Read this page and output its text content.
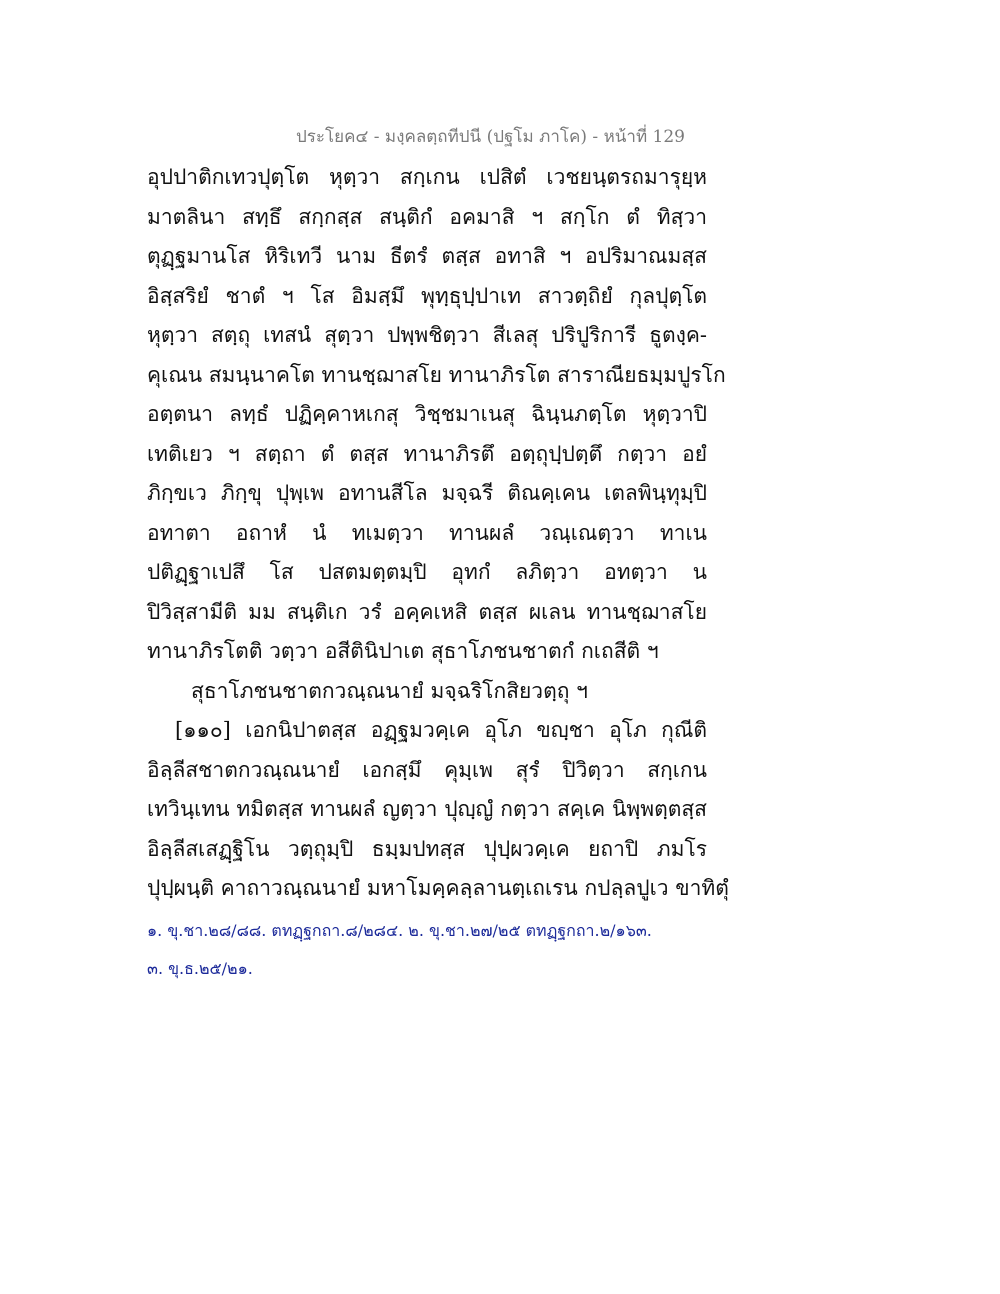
ประโยค๔ - มงฺคลตฺถทีปนี (ปฐโม ภาโค) - หน้าที่ 129
อุปปาติกเทวปุตฺโต หุตฺวา สกฺเกน เปสิตํ เวชยนฺตรถมารุยฺห
มาตลินา สทฺธึ สกฺกสฺส สนฺติกํ อคมาสิ ฯ สกฺโก ตํ ทิสฺวา
ตุฏฺฐมานโส หิริเทวี นาม ธีตรํ ตสฺส อทาสิ ฯ อปริมาณมสฺส
อิสฺสริยํ ชาตํ ฯ โส อิมสฺมึ พุทฺธุปฺปาเท สาวตฺถิยํ กุลปุตฺโต
หุตฺวา สตฺถุ เทสนํ สุตฺวา ปพฺพชิตฺวา สีเลสุ ปริปูริการี ธูตงฺค-
คุเณน สมนฺนาคโต ทานชฺฌาสโย ทานาภิรโต สาราณียธมฺมปูรโก
อตฺตนา ลทฺธํ ปฏิคฺคาหเกสุ วิชฺชมาเนสุ ฉินฺนภตฺโต หุตฺวาปิ
เทติเยว ฯ สตฺถา ตํ ตสฺส ทานาภิรตึ อตฺถุปฺปตฺตึ กตฺวา อยํ
ภิกฺขเว ภิกฺขุ ปุพฺเพ อทานสีโล มจฺฉรี ติณคฺเคน เตลพินฺทุมฺปิ
อทาตา อถาหํ นํ ทเมตฺวา ทานผลํ วณฺเณตฺวา ทาเน
ปติฏฺฐาเปสึ โส ปสตมตฺตมฺปิ อุทกํ ลภิตฺวา อทตฺวา น
ปิวิสฺสามีติ มม สนฺติเก วรํ อคฺคเหสิ ตสฺส ผเลน ทานชฺฌาสโย
ทานาภิรโตติ วตฺวา อสีตินิปาเต สุธาโภชนชาตกํ กเถสีติ ฯ
สุธาโภชนชาตกวณฺณนายํ มจฺฉริโกสิยวตฺถุ ฯ
[๑๑๐] เอกนิปาตสฺส อฏฺฐมวคฺเค อุโภ ขญฺชา อุโภ กุณีติ
อิลฺลีสชาตกวณฺณนายํ เอกสฺมึ คุมฺเพ สุรํ ปิวิตฺวา สกฺเกน
เทวินฺเทน ทมิตสฺส ทานผลํ ญตฺวา ปุญฺญํ กตฺวา สคฺเค นิพฺพตฺตสฺส
อิลฺลีสเสฏฺฐิโน วตฺถุมฺปิ ธมฺมปทสฺส ปุปฺผวคฺเค ยถาปิ ภมโร
ปุปฺผนฺติ คาถาวณฺณนายํ มหาโมคฺคลฺลานตฺเถเรน กปลฺลปูเว ขาทิตุํ
๑. ขุ.ชา.๒๘/๘๘. ตทฏฺฐกถา.๘/๒๘๔. ๒. ขุ.ชา.๒๗/๒๕ ตทฏฺฐกถา.๒/๑๖๓.
๓. ขุ.ธ.๒๕/๒๑.
